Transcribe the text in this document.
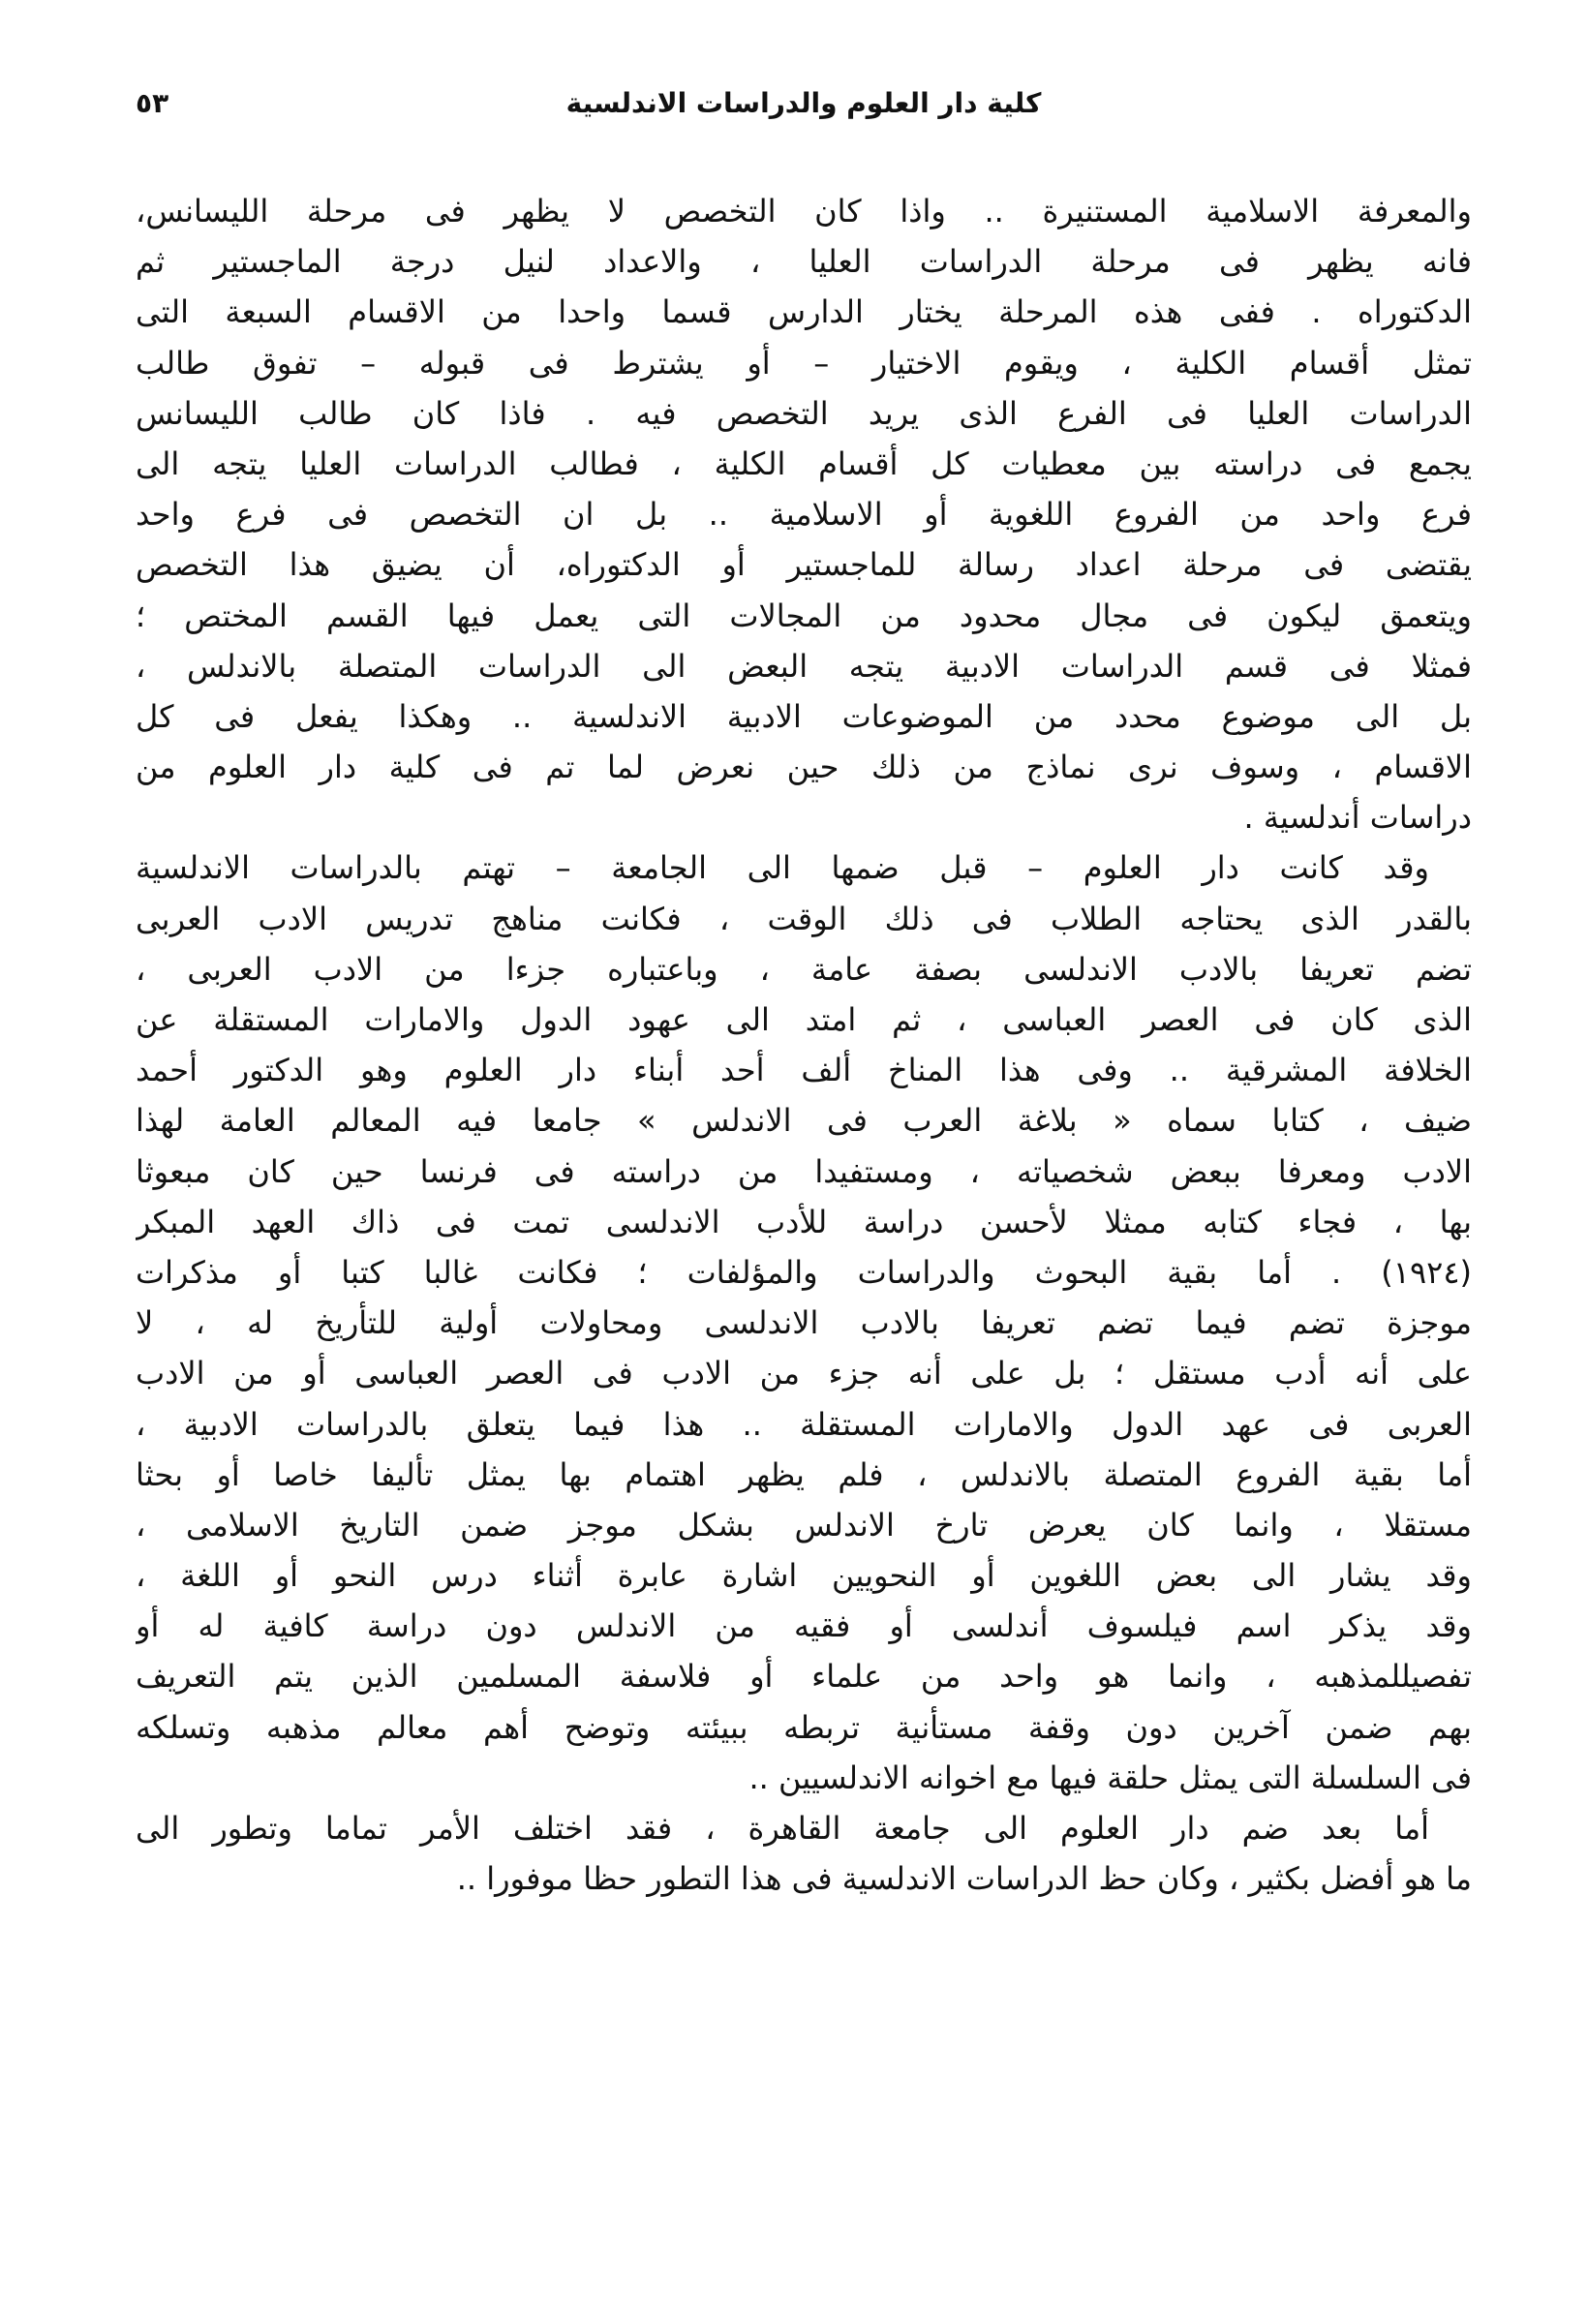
كلية دار العلوم والدراسات الاندلسية
٥٣
والمعرفة الاسلامية المستنيرة .. واذا كان التخصص لا يظهر فى مرحلة الليسانس،
فانه يظهر فى مرحلة الدراسات العليا ، والاعداد لنيل درجة الماجستير ثم
الدكتوراه . ففى هذه المرحلة يختار الدارس قسما واحدا من الاقسام السبعة التى
تمثل أقسام الكلية ، ويقوم الاختيار – أو يشترط فى قبوله – تفوق طالب
الدراسات العليا فى الفرع الذى يريد التخصص فيه . فاذا كان طالب الليسانس
يجمع فى دراسته بين معطيات كل أقسام الكلية ، فطالب الدراسات العليا يتجه الى
فرع واحد من الفروع اللغوية أو الاسلامية .. بل ان التخصص فى فرع واحد
يقتضى فى مرحلة اعداد رسالة للماجستير أو الدكتوراه، أن يضيق هذا التخصص
ويتعمق ليكون فى مجال محدود من المجالات التى يعمل فيها القسم المختص ؛
فمثلا فى قسم الدراسات الادبية يتجه البعض الى الدراسات المتصلة بالاندلس ،
بل الى موضوع محدد من الموضوعات الادبية الاندلسية .. وهكذا يفعل فى كل
الاقسام ، وسوف نرى نماذج من ذلك حين نعرض لما تم فى كلية دار العلوم من
دراسات أندلسية .
وقد كانت دار العلوم – قبل ضمها الى الجامعة – تهتم بالدراسات الاندلسية
بالقدر الذى يحتاجه الطلاب فى ذلك الوقت ، فكانت مناهج تدريس الادب العربى
تضم تعريفا بالادب الاندلسى بصفة عامة ، وباعتباره جزءا من الادب العربى ،
الذى كان فى العصر العباسى ، ثم امتد الى عهود الدول والامارات المستقلة عن
الخلافة المشرقية .. وفى هذا المناخ ألف أحد أبناء دار العلوم وهو الدكتور أحمد
ضيف ، كتابا سماه « بلاغة العرب فى الاندلس » جامعا فيه المعالم العامة لهذا
الادب ومعرفا ببعض شخصياته ، ومستفيدا من دراسته فى فرنسا حين كان مبعوثا
بها ، فجاء كتابه ممثلا لأحسن دراسة للأدب الاندلسى تمت فى ذاك العهد المبكر
(١٩٢٤) . أما بقية البحوث والدراسات والمؤلفات ؛ فكانت غالبا كتبا أو مذكرات
موجزة تضم فيما تضم تعريفا بالادب الاندلسى ومحاولات أولية للتأريخ له ، لا
على أنه أدب مستقل ؛ بل على أنه جزء من الادب فى العصر العباسى أو من الادب
العربى فى عهد الدول والامارات المستقلة .. هذا فيما يتعلق بالدراسات الادبية ،
أما بقية الفروع المتصلة بالاندلس ، فلم يظهر اهتمام بها يمثل تأليفا خاصا أو بحثا
مستقلا ، وانما كان يعرض تارخ الاندلس بشكل موجز ضمن التاريخ الاسلامى ،
وقد يشار الى بعض اللغوين أو النحويين اشارة عابرة أثناء درس النحو أو اللغة ،
وقد يذكر اسم فيلسوف أندلسى أو فقيه من الاندلس دون دراسة كافية له أو
تفصيللمذهبه ، وانما هو واحد من علماء أو فلاسفة المسلمين الذين يتم التعريف
بهم ضمن آخرين دون وقفة مستأنية تربطه ببيئته وتوضح أهم معالم مذهبه وتسلكه
فى السلسلة التى يمثل حلقة فيها مع اخوانه الاندلسيين ..
أما بعد ضم دار العلوم الى جامعة القاهرة ، فقد اختلف الأمر تماما وتطور الى
ما هو أفضل بكثير ، وكان حظ الدراسات الاندلسية فى هذا التطور حظا موفورا ..
